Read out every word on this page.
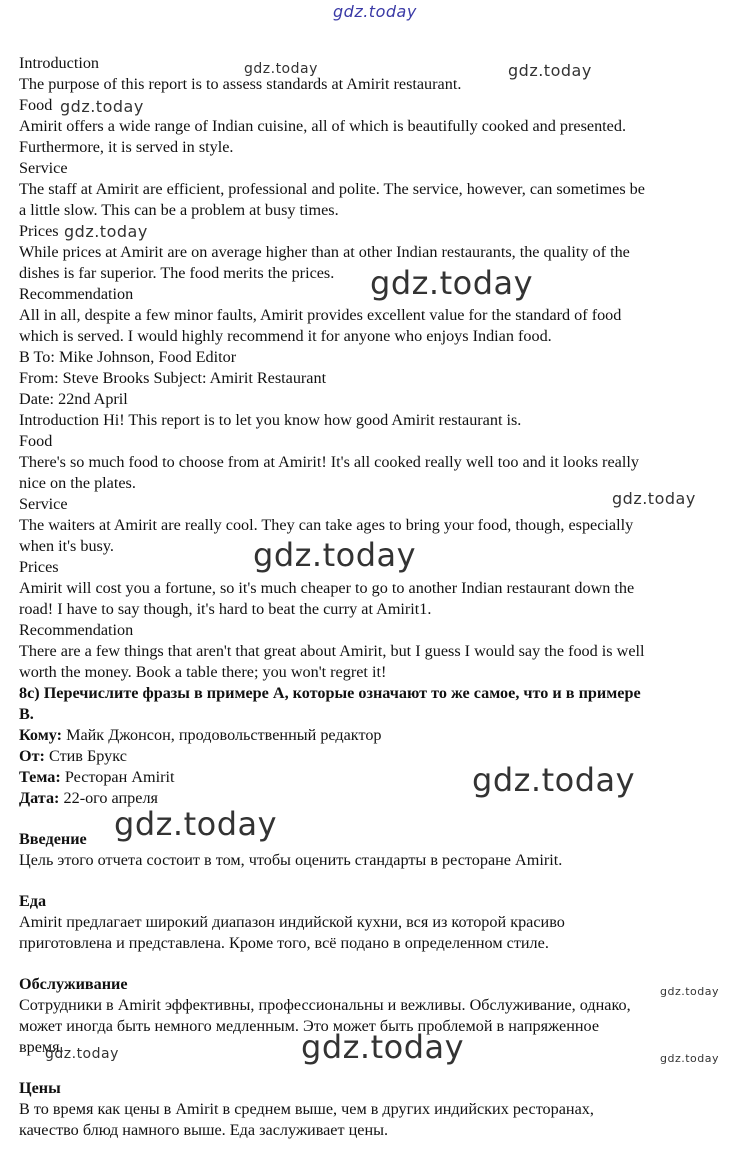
gdz.today
Introduction
The purpose of this report is to assess standards at Amirit restaurant.
Food
Amirit offers a wide range of Indian cuisine, all of which is beautifully cooked and presented.
Furthermore, it is served in style.
Service
The staff at Amirit are efficient, professional and polite. The service, however, can sometimes be
a little slow. This can be a problem at busy times.
Prices
While prices at Amirit are on average higher than at other Indian restaurants, the quality of the
dishes is far superior. The food merits the prices.
Recommendation
All in all, despite a few minor faults, Amirit provides excellent value for the standard of food
which is served. I would highly recommend it for anyone who enjoys Indian food.
B To: Mike Johnson, Food Editor
From: Steve Brooks Subject: Amirit Restaurant
Date: 22nd April
Introduction Hi! This report is to let you know how good Amirit restaurant is.
Food
There's so much food to choose from at Amirit! It's all cooked really well too and it looks really
nice on the plates.
Service
The waiters at Amirit are really cool. They can take ages to bring your food, though, especially
when it's busy.
Prices
Amirit will cost you a fortune, so it's much cheaper to go to another Indian restaurant down the
road! I have to say though, it's hard to beat the curry at Amirit1.
Recommendation
There are a few things that aren't that great about Amirit, but I guess I would say the food is well
worth the money. Book a table there; you won't regret it!
8c) Перечислите фразы в примере А, которые означают то же самое, что и в примере
B.
Кому: Майк Джонсон, продовольственный редактор
От: Стив Брукс
Тема: Ресторан Amirit
Дата: 22-ого апреля
Введение
Цель этого отчета состоит в том, чтобы оценить стандарты в ресторане Amirit.
Еда
Amirit предлагает широкий диапазон индийской кухни, вся из которой красиво
приготовлена и представлена. Кроме того, всё подано в определенном стиле.
Обслуживание
Сотрудники в Amirit эффективны, профессиональны и вежливы. Обслуживание, однако,
может иногда быть немного медленным. Это может быть проблемой в напряженное
время.
Цены
В то время как цены в Amirit в среднем выше, чем в других индийских ресторанах,
качество блюд намного выше. Еда заслуживает цены.
gdz.today	gdz.today
gdz.today
gdz.today
gdz.today
gdz.today
gdz.today
gdz.today
gdz.today
gdz.today
gdz.today
gdz.today	gdz.today
